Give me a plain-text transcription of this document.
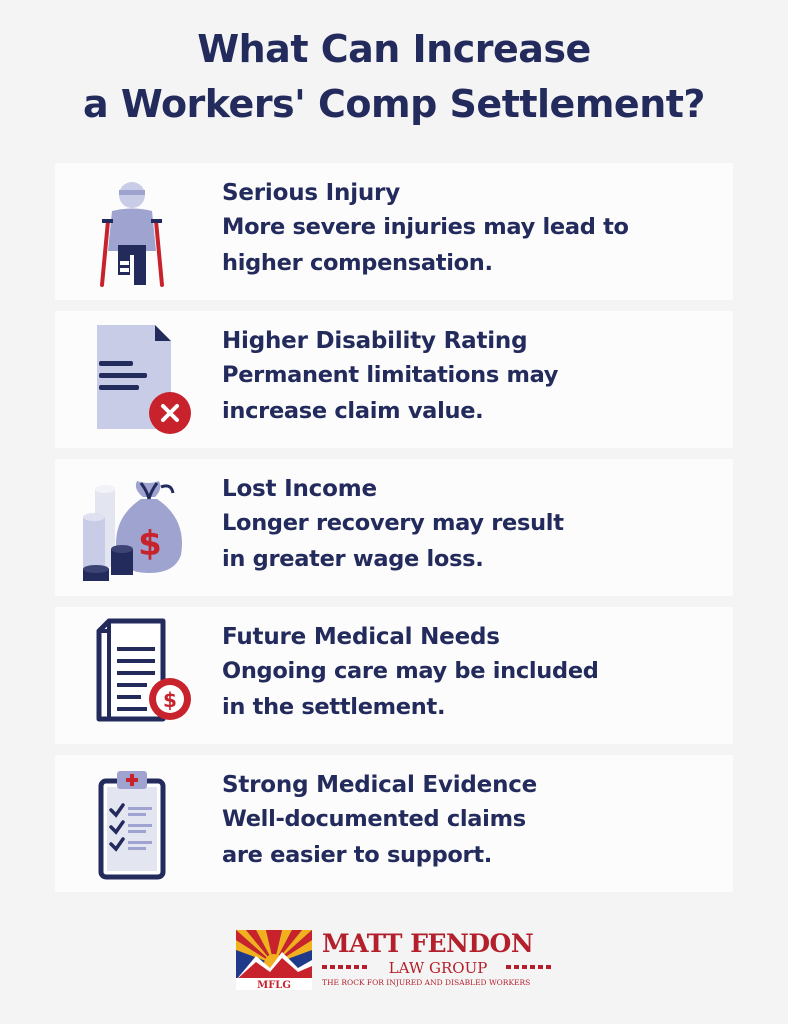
What Can Increase
a Workers' Comp Settlement?
Serious Injury
More severe injuries may lead to
higher compensation.
Higher Disability Rating
Permanent limitations may
increase claim value.
$
Lost Income
Longer recovery may result
in greater wage loss.
$
Future Medical Needs
Ongoing care may be included
in the settlement.
Strong Medical Evidence
Well-documented claims
are easier to support.
MFLG
MATT FENDON
LAW GROUP
THE ROCK FOR INJURED AND DISABLED WORKERS
